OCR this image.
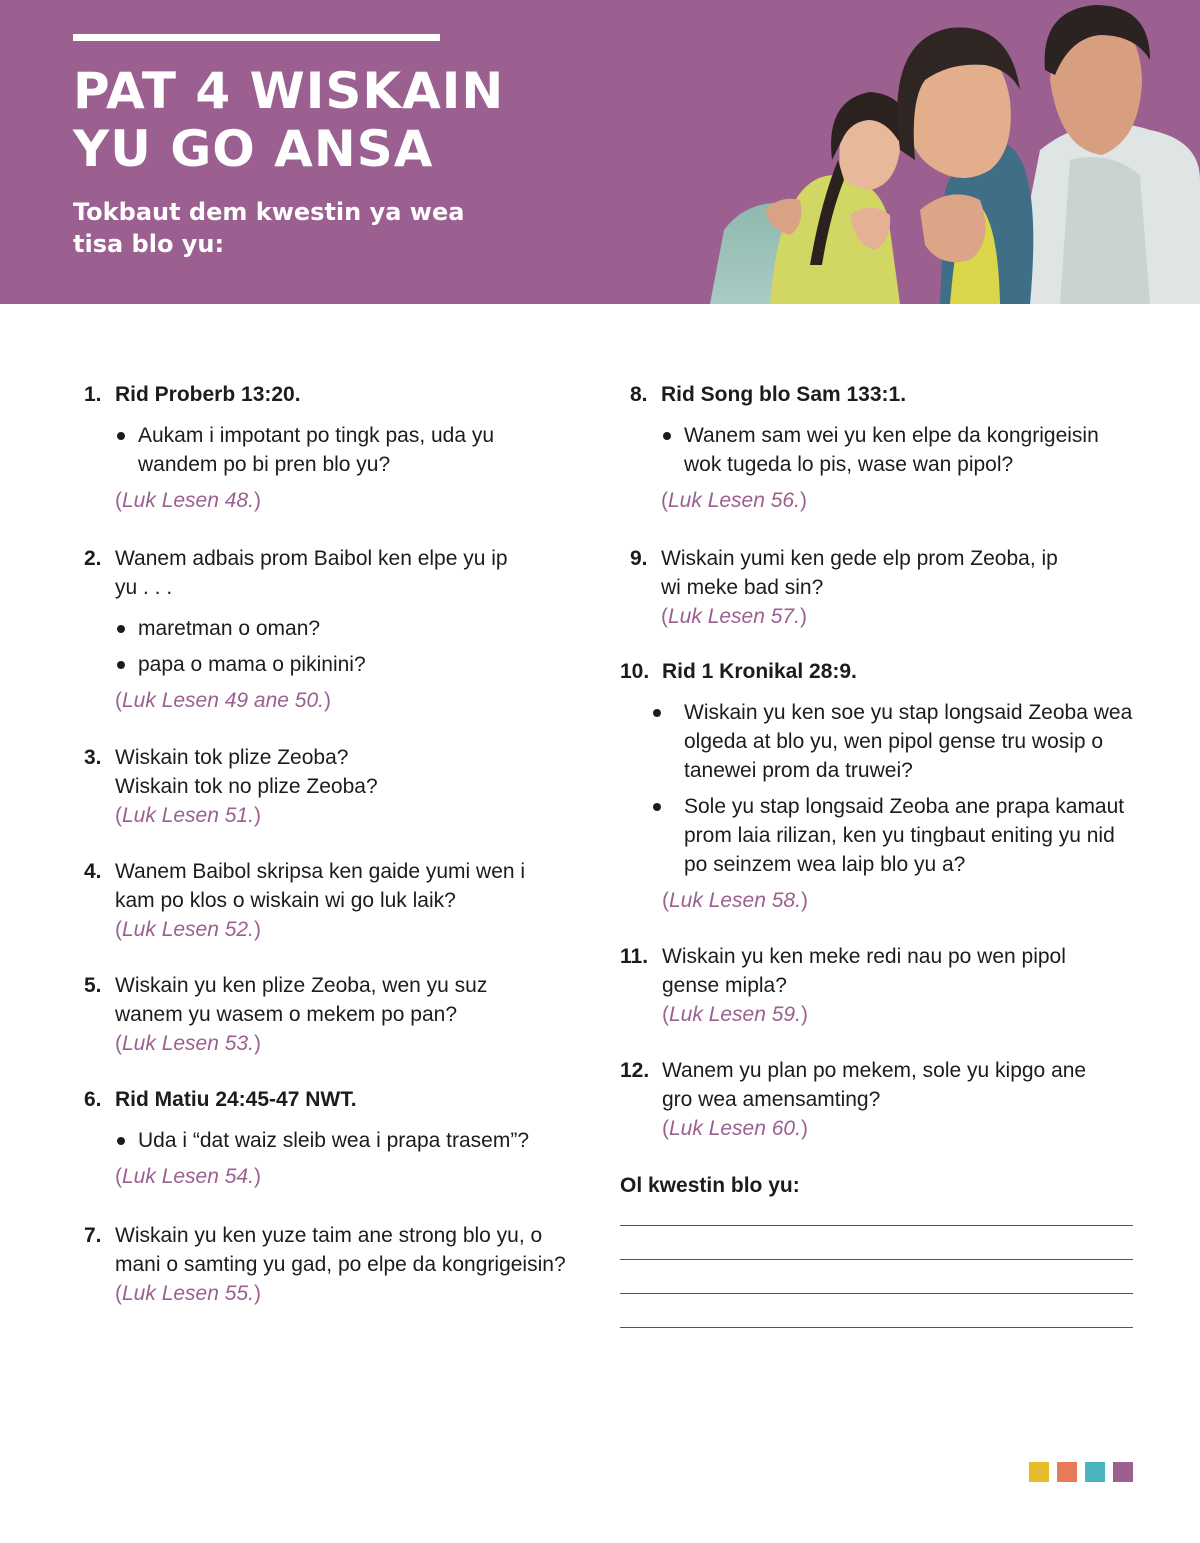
PAT 4 WISKAIN YU GO ANSA
Tokbaut dem kwestin ya wea tisa blo yu:
1. Rid Proberb 13:20.
Aukam i impotant po tingk pas, uda yu wandem po bi pren blo yu?
(Luk Lesen 48.)
2. Wanem adbais prom Baibol ken elpe yu ip yu . . .
maretman o oman?
papa o mama o pikinini?
(Luk Lesen 49 ane 50.)
3. Wiskain tok plize Zeoba? Wiskain tok no plize Zeoba?
(Luk Lesen 51.)
4. Wanem Baibol skripsa ken gaide yumi wen i kam po klos o wiskain wi go luk laik?
(Luk Lesen 52.)
5. Wiskain yu ken plize Zeoba, wen yu suz wanem yu wasem o mekem po pan?
(Luk Lesen 53.)
6. Rid Matiu 24:45-47 NWT.
Uda i “dat waiz sleib wea i prapa trasem”?
(Luk Lesen 54.)
7. Wiskain yu ken yuze taim ane strong blo yu, o mani o samting yu gad, po elpe da kongrigeisin?
(Luk Lesen 55.)
8. Rid Song blo Sam 133:1.
Wanem sam wei yu ken elpe da kongrigeisin wok tugeda lo pis, wase wan pipol?
(Luk Lesen 56.)
9. Wiskain yumi ken gede elp prom Zeoba, ip wi meke bad sin?
(Luk Lesen 57.)
10. Rid 1 Kronikal 28:9.
Wiskain yu ken soe yu stap longsaid Zeoba wea olgeda at blo yu, wen pipol gense tru wosip o tanewei prom da truwei?
Sole yu stap longsaid Zeoba ane prapa kamaut prom laia rilizan, ken yu tingbaut eniting yu nid po seinzem wea laip blo yu a?
(Luk Lesen 58.)
11. Wiskain yu ken meke redi nau po wen pipol gense mipla?
(Luk Lesen 59.)
12. Wanem yu plan po mekem, sole yu kipgo ane gro wea amensamting?
(Luk Lesen 60.)
Ol kwestin blo yu:
